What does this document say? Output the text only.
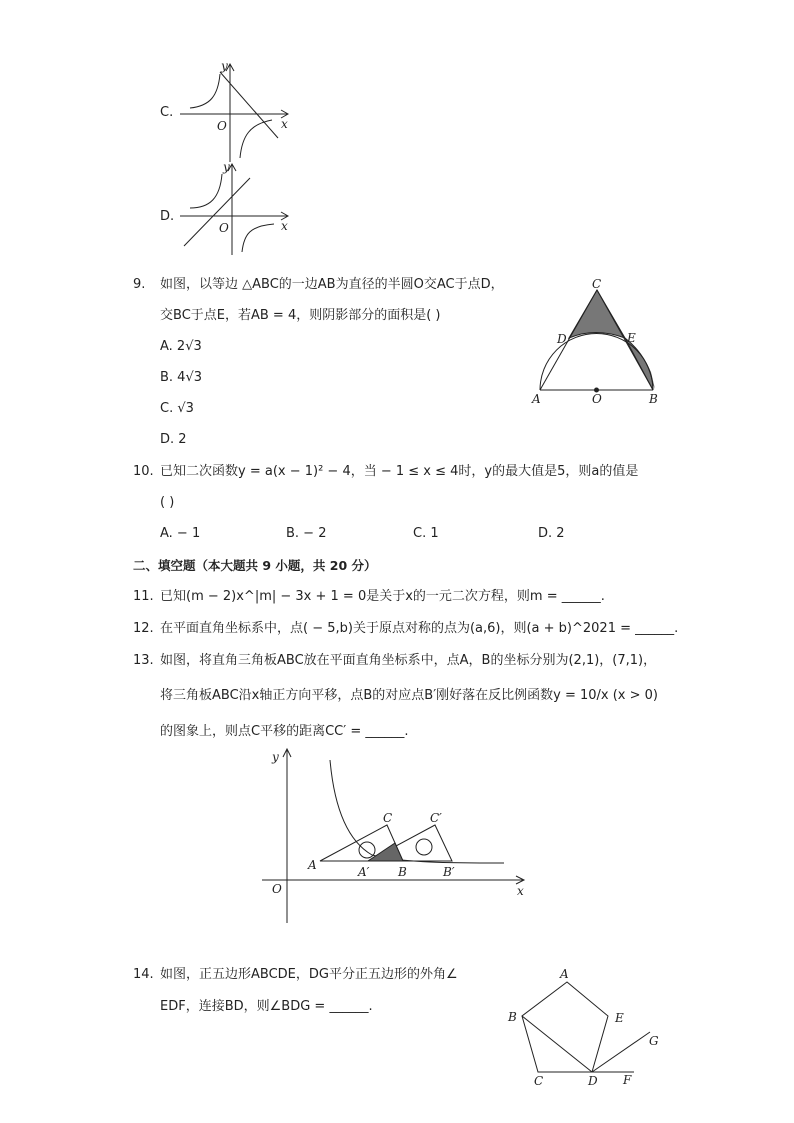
C.
y
x
O
D.
y
x
O
9. 如图，以等边 △ABC的一边AB为直径的半圆O交AC于点D，
交BC于点E，若AB = 4，则阴影部分的面积是( )
A. 2√3
B. 4√3
C. √3
D. 2
C
D	E
A	O	B
10. 已知二次函数y = a(x − 1)² − 4，当 − 1 ≤ x ≤ 4时，y的最大值是5，则a的值是
( )
A. − 1	B. − 2	C. 1	D. 2
二、填空题（本大题共 9 小题，共 20 分）
11. 已知(m − 2)x^|m| − 3x + 1 = 0是关于x的一元二次方程，则m = ______.
12. 在平面直角坐标系中，点( − 5,b)关于原点对称的点为(a,6)，则(a + b)^2021 = ______.
13. 如图，将直角三角板ABC放在平面直角坐标系中，点A，B的坐标分别为(2,1)，(7,1)，
将三角板ABC沿x轴正方向平移，点B的对应点B′刚好落在反比例函数y = 10/x (x > 0)
的图象上，则点C平移的距离CC′ = ______.
y
x
O
A	A′ B	B′
C	C′
14. 如图，正五边形ABCDE，DG平分正五边形的外角∠
EDF，连接BD，则∠BDG = ______.
A
B	E
G
C	D F
